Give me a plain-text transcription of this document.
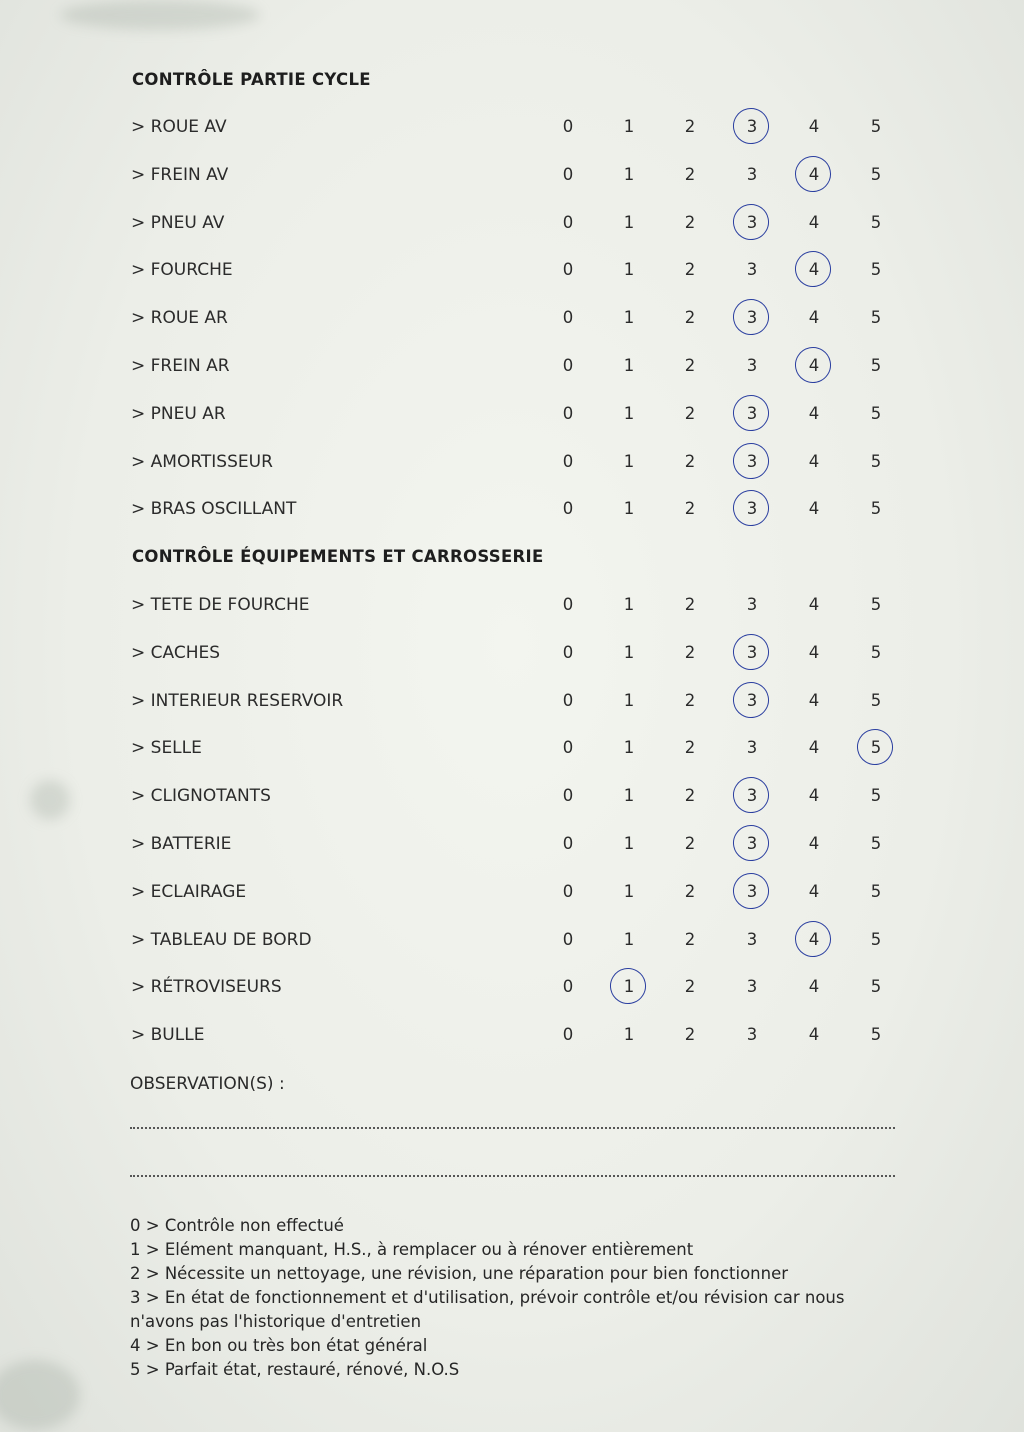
CONTRÔLE PARTIE CYCLE
> ROUE AV	0	1	2	3	4	5
> FREIN AV	0	1	2	3	4	5
> PNEU AV	0	1	2	3	4	5
> FOURCHE	0	1	2	3	4	5
> ROUE AR	0	1	2	3	4	5
> FREIN AR	0	1	2	3	4	5
> PNEU AR	0	1	2	3	4	5
> AMORTISSEUR	0	1	2	3	4	5
> BRAS OSCILLANT	0	1	2	3	4	5
CONTRÔLE ÉQUIPEMENTS ET CARROSSERIE
> TETE DE FOURCHE	0	1	2	3	4	5
> CACHES	0	1	2	3	4	5
> INTERIEUR RESERVOIR	0	1	2	3	4	5
> SELLE	0	1	2	3	4	5
> CLIGNOTANTS	0	1	2	3	4	5
> BATTERIE	0	1	2	3	4	5
> ECLAIRAGE	0	1	2	3	4	5
> TABLEAU DE BORD	0	1	2	3	4	5
> RÉTROVISEURS	0	1	2	3	4	5
> BULLE	0	1	2	3	4	5
OBSERVATION(S) :
0 > Contrôle non effectué
1 > Elément manquant, H.S., à remplacer ou à rénover entièrement
2 > Nécessite un nettoyage, une révision, une réparation pour bien fonctionner
3 > En état de fonctionnement et d'utilisation, prévoir contrôle et/ou révision car nous
n'avons pas l'historique d'entretien
4 > En bon ou très bon état général
5 > Parfait état, restauré, rénové, N.O.S
